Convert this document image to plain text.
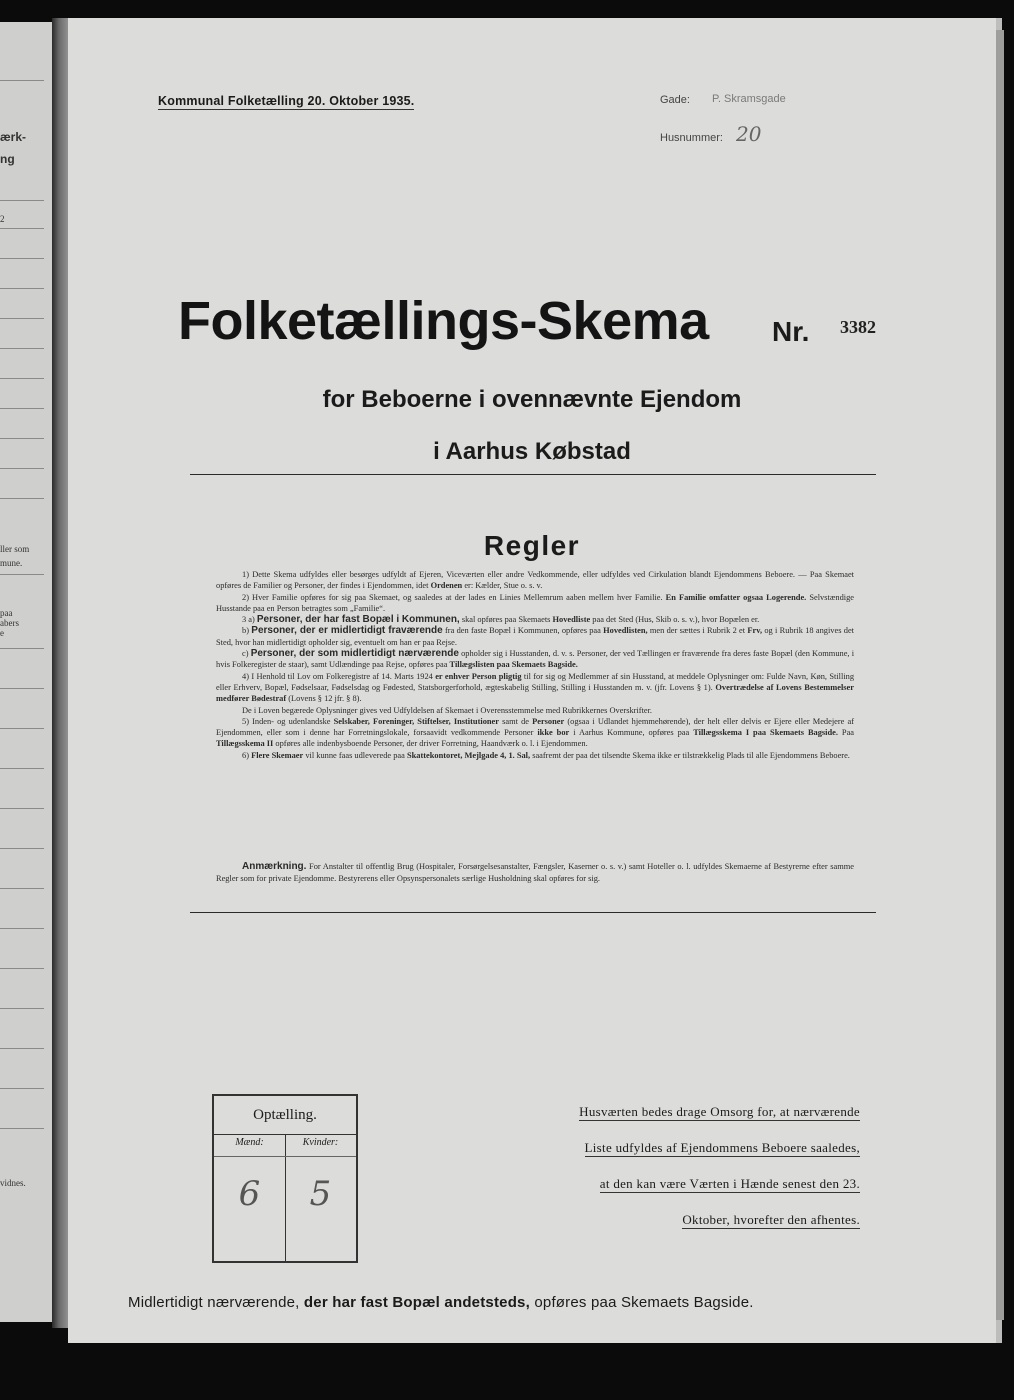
ærk-
ng
2
ller som
mune.
paa
abers
e
vidnes.
Kommunal Folketælling 20. Oktober 1935.	Gade: P. Skramsgade
Husnummer: 20
Folketællings-Skema Nr. 3382
for Beboerne i ovennævnte Ejendom
i Aarhus Købstad
Regler

1) Dette Skema udfyldes eller besørges udfyldt af Ejeren, Viceværten eller andre Vedkommende, eller udfyldes ved Cirkulation blandt Ejendommens Beboere. — Paa Skemaet opføres de Familier og Personer, der findes i Ejendommen, idet Ordenen er: Kælder, Stue o. s. v.

2) Hver Familie opføres for sig paa Skemaet, og saaledes at der lades en Linies Mellemrum aaben mellem hver Familie. En Familie omfatter ogsaa Logerende. Selvstændige Husstande paa en Person betragtes som „Familie“.

3 a) Personer, der har fast Bopæl i Kommunen, skal opføres paa Skemaets Hovedliste paa det Sted (Hus, Skib o. s. v.), hvor Bopælen er.

b) Personer, der er midlertidigt fraværende fra den faste Bopæl i Kommunen, opføres paa Hovedlisten, men der sættes i Rubrik 2 et Frv, og i Rubrik 18 angives det Sted, hvor han midlertidigt opholder sig, eventuelt om han er paa Rejse.

c) Personer, der som midlertidigt nærværende opholder sig i Husstanden, d. v. s. Personer, der ved Tællingen er fraværende fra deres faste Bopæl (den Kommune, i hvis Folkeregister de staar), samt Udlændinge paa Rejse, opføres paa Tillægslisten paa Skemaets Bagside.

4) I Henhold til Lov om Folkeregistre af 14. Marts 1924 er enhver Person pligtig til for sig og Medlemmer af sin Husstand, at meddele Oplysninger om: Fulde Navn, Køn, Stilling eller Erhverv, Bopæl, Fødselsaar, Fødselsdag og Fødested, Statsborgerforhold, ægteskabelig Stilling, Stilling i Husstanden m. v. (jfr. Lovens § 1). Overtrædelse af Lovens Bestemmelser medfører Bødestraf (Lovens § 12 jfr. § 8).

De i Loven begærede Oplysninger gives ved Udfyldelsen af Skemaet i Overensstemmelse med Rubrikkernes Overskrifter.

5) Inden- og udenlandske Selskaber, Foreninger, Stiftelser, Institutioner samt de Personer (ogsaa i Udlandet hjemmehørende), der helt eller delvis er Ejere eller Medejere af Ejendommen, eller som i denne har Forretningslokale, forsaavidt vedkommende Personer ikke bor i Aarhus Kommune, opføres paa Tillægsskema I paa Skemaets Bagside. Paa Tillægsskema II opføres alle indenbysboende Personer, der driver Forretning, Haandværk o. l. i Ejendommen.

6) Flere Skemaer vil kunne faas udleverede paa Skattekontoret, Mejlgade 4, 1. Sal, saafremt der paa det tilsendte Skema ikke er tilstrækkelig Plads til alle Ejendommens Beboere.

Anmærkning. For Anstalter til offentlig Brug (Hospitaler, Forsørgelsesanstalter, Fængsler, Kaserner o. s. v.) samt Hoteller o. l. udfyldes Skemaerne af Bestyrerne efter samme Regler som for private Ejendomme. Bestyrerens eller Opsynspersonalets særlige Husholdning skal opføres for sig.

Optælling.
Mænd:
6
Kvinder:
5
Husværten bedes drage Omsorg for, at nærværende
Liste udfyldes af Ejendommens Beboere saaledes,
at den kan være Værten i Hænde senest den 23.
Oktober, hvorefter den afhentes.
Midlertidigt nærværende, der har fast Bopæl andetsteds, opføres paa Skemaets Bagside.
